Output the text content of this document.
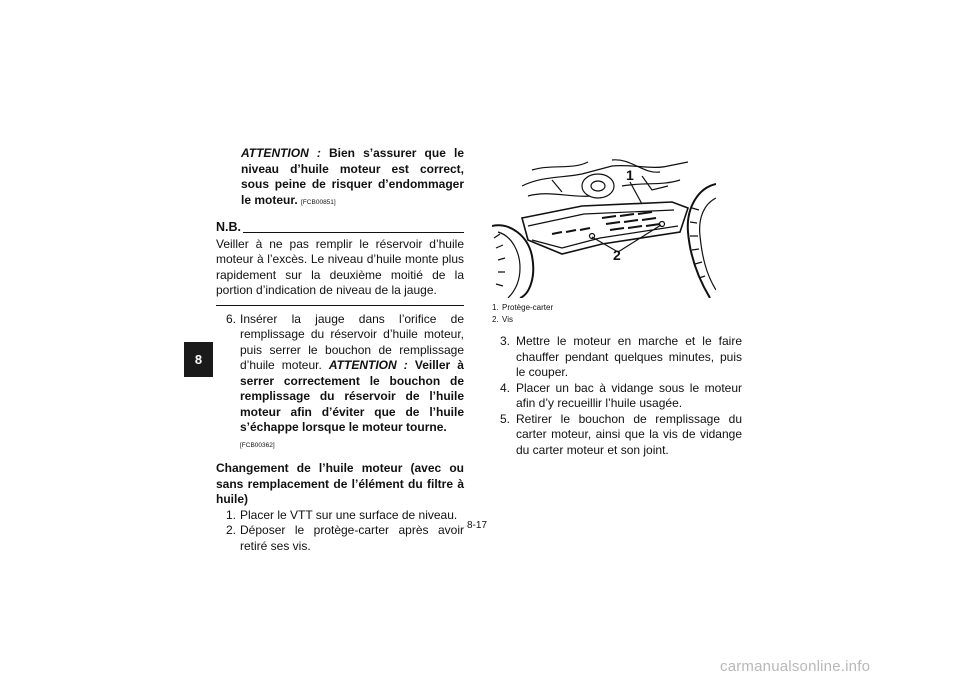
8
ATTENTION : Bien s’assurer que le niveau d’huile moteur est correct, sous peine de risquer d’endommager le moteur. [FCB00851]
N.B.
Veiller à ne pas remplir le réservoir d’huile moteur à l’excès. Le niveau d’huile monte plus rapidement sur la deuxième moitié de la portion d’indication de niveau de la jauge.
6. Insérer la jauge dans l’orifice de remplissage du réservoir d’huile moteur, puis serrer le bouchon de remplissage d’huile moteur. ATTENTION : Veiller à serrer correctement le bouchon de remplissage du réservoir de l’huile moteur afin d’éviter que de l’huile s’échappe lorsque le moteur tourne.
[FCB00362]
Changement de l’huile moteur (avec ou sans remplacement de l’élément du filtre à huile)
1. Placer le VTT sur une surface de niveau.
2. Déposer le protège-carter après avoir retiré ses vis.
1
2
1. Protège-carter
2. Vis
3. Mettre le moteur en marche et le faire chauffer pendant quelques minutes, puis le couper.
4. Placer un bac à vidange sous le moteur afin d’y recueillir l’huile usagée.
5. Retirer le bouchon de remplissage du carter moteur, ainsi que la vis de vidange du carter moteur et son joint.
8-17
carmanualsonline.info
